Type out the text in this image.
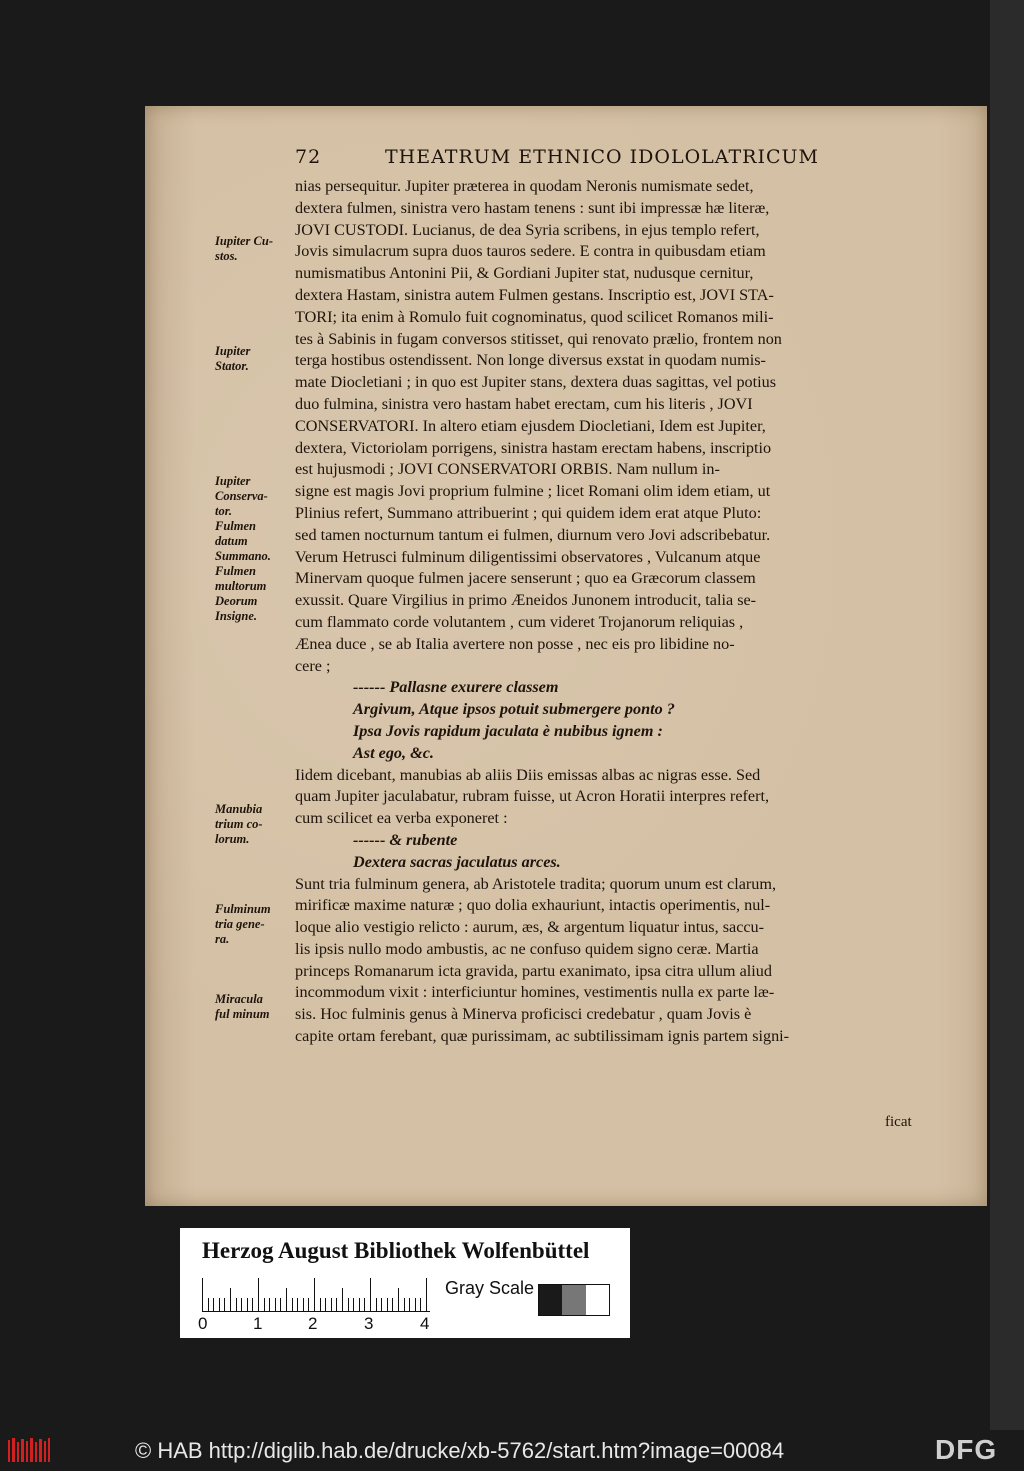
72	THEATRUM ETHNICO IDOLOLATRICUM
nias persequitur. Jupiter præterea in quodam Neronis numismate sedet,
dextera fulmen, sinistra vero hastam tenens : sunt ibi impressæ hæ literæ,
JOVI CUSTODI. Lucianus, de dea Syria scribens, in ejus templo refert,
Jovis simulacrum supra duos tauros sedere. E contra in quibusdam etiam
numismatibus Antonini Pii, & Gordiani Jupiter stat, nudusque cernitur,
dextera Hastam, sinistra autem Fulmen gestans. Inscriptio est, JOVI STA-
TORI; ita enim à Romulo fuit cognominatus, quod scilicet Romanos mili-
tes à Sabinis in fugam conversos stitisset, qui renovato prælio, frontem non
terga hostibus ostendissent. Non longe diversus exstat in quodam numis-
mate Diocletiani ; in quo est Jupiter stans, dextera duas sagittas, vel potius
duo fulmina, sinistra vero hastam habet erectam, cum his literis , JOVI
CONSERVATORI. In altero etiam ejusdem Diocletiani, Idem est Jupiter,
dextera, Victoriolam porrigens, sinistra hastam erectam habens, inscriptio
est hujusmodi ; JOVI CONSERVATORI ORBIS. Nam nullum in-
signe est magis Jovi proprium fulmine ; licet Romani olim idem etiam, ut
Plinius refert, Summano attribuerint ; qui quidem idem erat atque Pluto:
sed tamen nocturnum tantum ei fulmen, diurnum vero Jovi adscribebatur.
Verum Hetrusci fulminum diligentissimi observatores , Vulcanum atque
Minervam quoque fulmen jacere senserunt ; quo ea Græcorum classem
exussit. Quare Virgilius in primo Æneidos Junonem introducit, talia se-
cum flammato corde volutantem , cum videret Trojanorum reliquias ,
Ænea duce , se ab Italia avertere non posse , nec eis pro libidine no-
cere ;
------ Pallasne exurere classem
Argivum, Atque ipsos potuit submergere ponto ?
Ipsa Jovis rapidum jaculata è nubibus ignem :
Ast ego, &c.
Iidem dicebant, manubias ab aliis Diis emissas albas ac nigras esse. Sed
quam Jupiter jaculabatur, rubram fuisse, ut Acron Horatii interpres refert,
cum scilicet ea verba exponeret :
------ & rubente
Dextera sacras jaculatus arces.
Sunt tria fulminum genera, ab Aristotele tradita; quorum unum est clarum,
mirificæ maxime naturæ ; quo dolia exhauriunt, intactis operimentis, nul-
loque alio vestigio relicto : aurum, æs, & argentum liquatur intus, saccu-
lis ipsis nullo modo ambustis, ac ne confuso quidem signo ceræ. Martia
princeps Romanarum icta gravida, partu exanimato, ipsa citra ullum aliud
incommodum vixit : interficiuntur homines, vestimentis nulla ex parte læ-
sis. Hoc fulminis genus à Minerva proficisci credebatur , quam Jovis è
capite ortam ferebant, quæ purissimam, ac subtilissimam ignis partem signi-
ficat
Iupiter Cu-
stos.
Iupiter
Stator.
Iupiter
Conserva-
tor.
Fulmen
datum
Summano.
Fulmen
multorum
Deorum
Insigne.
Manubia
trium co-
lorum.
Fulminum
tria gene-
ra.
Miracula
ful minum
Herzog August Bibliothek Wolfenbüttel
0	1	2	3	4
Gray Scale
© HAB http://diglib.hab.de/drucke/xb-5762/start.htm?image=00084	DFG
